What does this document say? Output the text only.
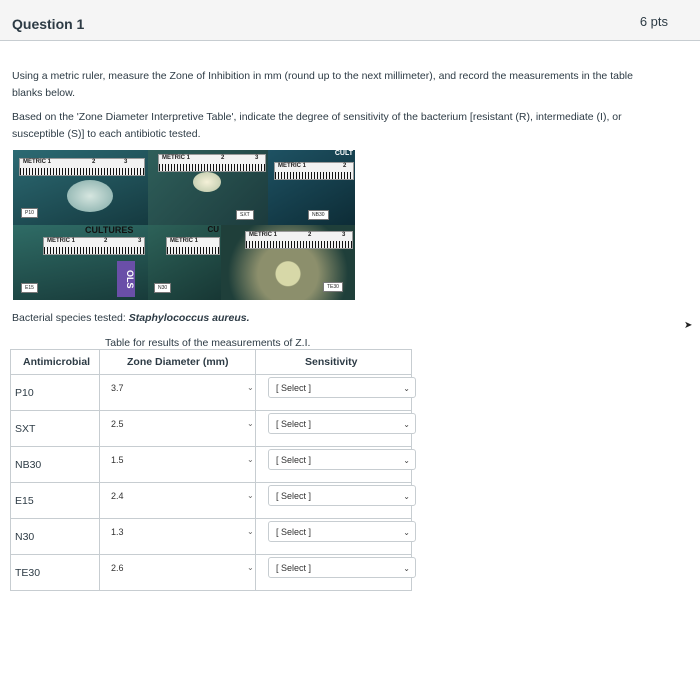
Question 1	6 pts
Using a metric ruler, measure the Zone of Inhibition in mm (round up to the next millimeter), and record the measurements in the table blanks below.
Based on the 'Zone Diameter Interpretive Table', indicate the degree of sensitivity of the bacterium [resistant (R), intermediate (I), or susceptible (S)] to each antibiotic tested.
METRIC 1	2	3
P10
METRIC 1	2	3
SXT
CULT
METRIC 1	2
NB30
CULTURES
METRIC 1	2	3
OLS
E15
CU
METRIC 1
N30
METRIC 1	2	3
TE30
Bacterial species tested: Staphylococcus aureus.
Table for results of the measurements of Z.I.
Antimicrobial	Zone Diameter (mm)	Sensitivity
P10	3.7	⌄	[ Select ]	⌄
SXT	2.5	⌄	[ Select ]	⌄
NB30	1.5	⌄	[ Select ]	⌄
E15	2.4	⌄	[ Select ]	⌄
N30	1.3	⌄	[ Select ]	⌄
TE30	2.6	⌄	[ Select ]	⌄
➤
